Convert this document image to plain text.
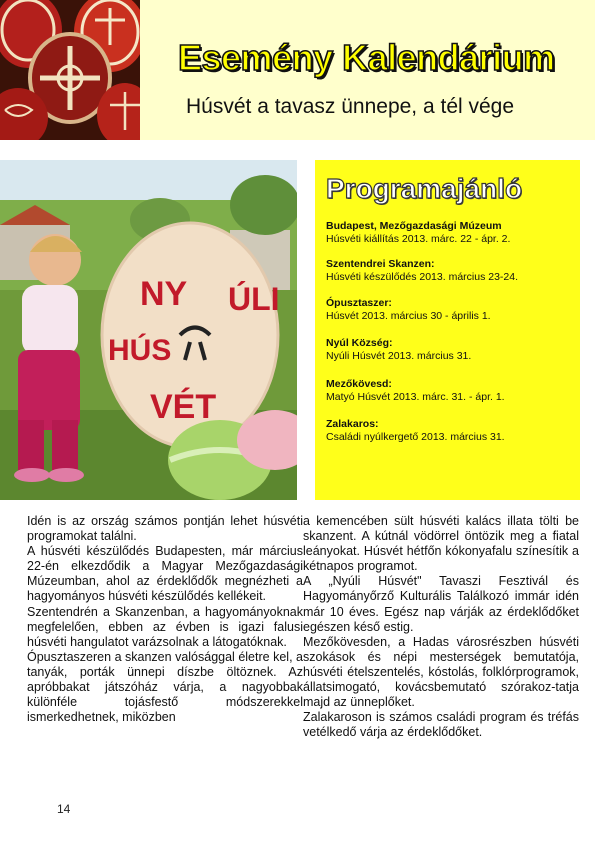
Esemény Kalendárium
Húsvét a tavasz ünnepe, a tél vége
NY ÚLI
HÚS
VÉT
Programajánló
Budapest, Mezőgazdasági Múzeum
Húsvéti kiállítás 2013. márc. 22 - ápr. 2.
Szentendrei Skanzen:
Húsvéti készülődés 2013. március 23-24.
Ópusztaszer:
Húsvét 2013. március 30 - április 1.
Nyúl Község:
Nyúli Húsvét 2013. március 31.
Mezőkövesd:
Matyó Húsvét 2013. márc. 31. - ápr. 1.
Zalakaros:
Családi nyúlkergető 2013. március 31.

Idén is az ország számos pontján lehet húsvéti programokat találni.

A húsvéti készülődés Budapesten, már március 22-én elkezdődik a Magyar Mezőgazdasági Múzeumban, ahol az érdeklődők megnézheti a hagyományos húsvéti készülődés kellékeit.

Szentendrén a Skanzenban, a hagyományoknak megfelelően, ebben az évben is igazi falusi húsvéti hangulatot varázsolnak a látogatóknak.

Ópusztaszeren a skanzen valósággal életre kel, a tanyák, porták ünnepi díszbe öltöznek. Az apróbbakat játszóház várja, a nagyobbak különféle tojásfestő módszerekkel ismerkedhetnek, miközben

a kemencében sült húsvéti kalács illata tölti be skanzent. A kútnál vödörrel öntözik meg a fiatal leányokat. Húsvét hétfőn kókonyafalu színesítik a kétnapos programot.

A „Nyúli Húsvét" Tavaszi Fesztivál és Hagyományőrző Kulturális Találkozó immár idén már 10 éves. Egész nap várják az érdeklődőket egészen késő estig.

Mezőkövesden, a Hadas városrészben húsvéti szokások és népi mesterségek bemutatója, húsvéti ételszentelés, kóstolás, folklórprogramok, állatsimogató, kovácsbemutató szórakoz-tatja majd az ünneplőket.

Zalakaroson is számos családi program és tréfás vetélkedő várja az érdeklődőket.

14
